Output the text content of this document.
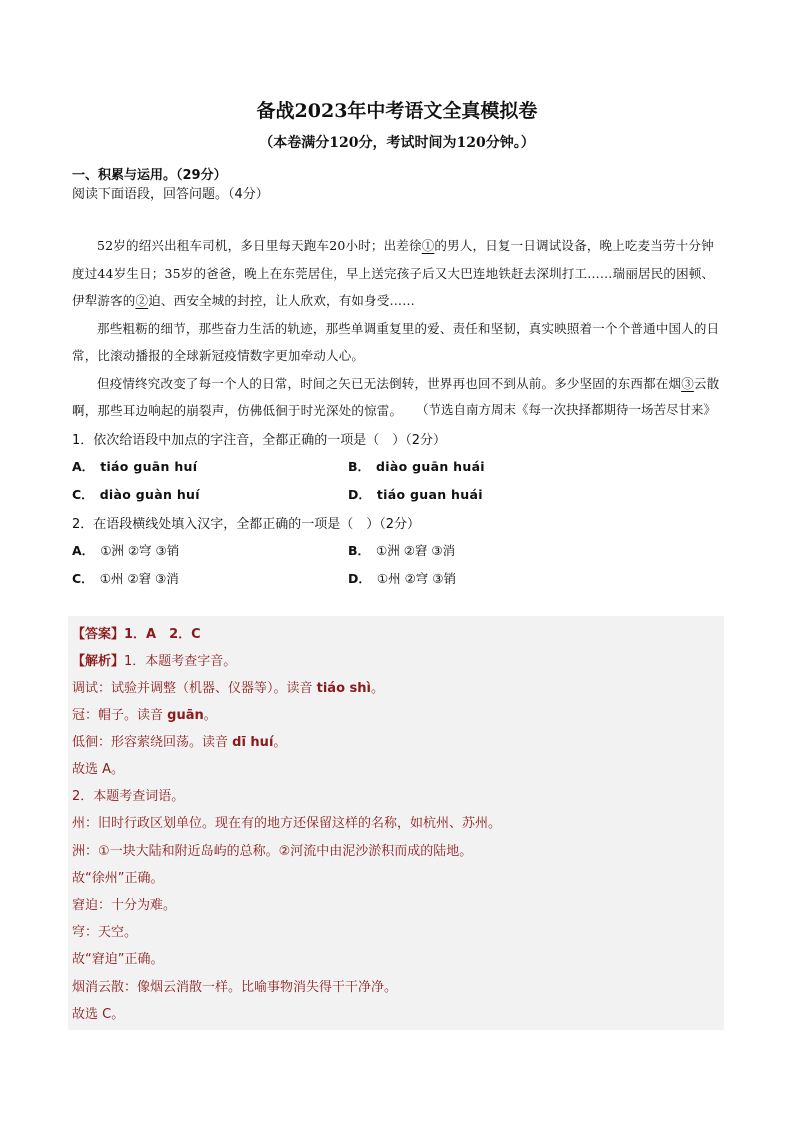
备战2023年中考语文全真模拟卷
（本卷满分120分，考试时间为120分钟。）
一、积累与运用。（29分）
阅读下面语段，回答问题。（4分）

52岁的绍兴出租车司机，多日里每天跑车20小时；出差徐①的男人，日复一日调试设备，晚上吃麦当劳十分钟度过44岁生日；35岁的爸爸，晚上在东莞居住，早上送完孩子后又大巴连地铁赶去深圳打工……瑞丽居民的困顿、伊犁游客的②迫、西安全城的封控，让人欣欢，有如身受……

那些粗粝的细节，那些奋力生活的轨迹，那些单调重复里的爱、责任和坚韧，真实映照着一个个普通中国人的日常，比滚动播报的全球新冠疫情数字更加牵动人心。

但疫情终究改变了每一个人的日常，时间之矢已无法倒转，世界再也回不到从前。多少坚固的东西都在烟③云散啊，那些耳边响起的崩裂声，仿佛低徊于时光深处的惊雷。	（节选自南方周末《每一次抉择都期待一场苦尽甘来》
1．依次给语段中加点的字注音，全都正确的一项是（　）（2分）
A． tiáo guān huí	B． diào guān huái
C． diào guàn huí	D． tiáo guan huái
2．在语段横线处填入汉字，全都正确的一项是（　）（2分）
A． ①洲 ②穹 ③销	B． ①洲 ②窘 ③消
C． ①州 ②窘 ③消	D． ①州 ②穹 ③销
【答案】1．A　2．C
【解析】1．本题考查字音。
调试：试验并调整（机器、仪器等）。读音 tiáo shì。
冠：帽子。读音 guān。
低徊：形容萦绕回荡。读音 dī huí。
故选 A。
2．本题考查词语。
州：旧时行政区划单位。现在有的地方还保留这样的名称，如杭州、苏州。
洲：①一块大陆和附近岛屿的总称。②河流中由泥沙淤积而成的陆地。
故“徐州”正确。
窘迫：十分为难。
穹：天空。
故“窘迫”正确。
烟消云散：像烟云消散一样。比喻事物消失得干干净净。
故选 C。
